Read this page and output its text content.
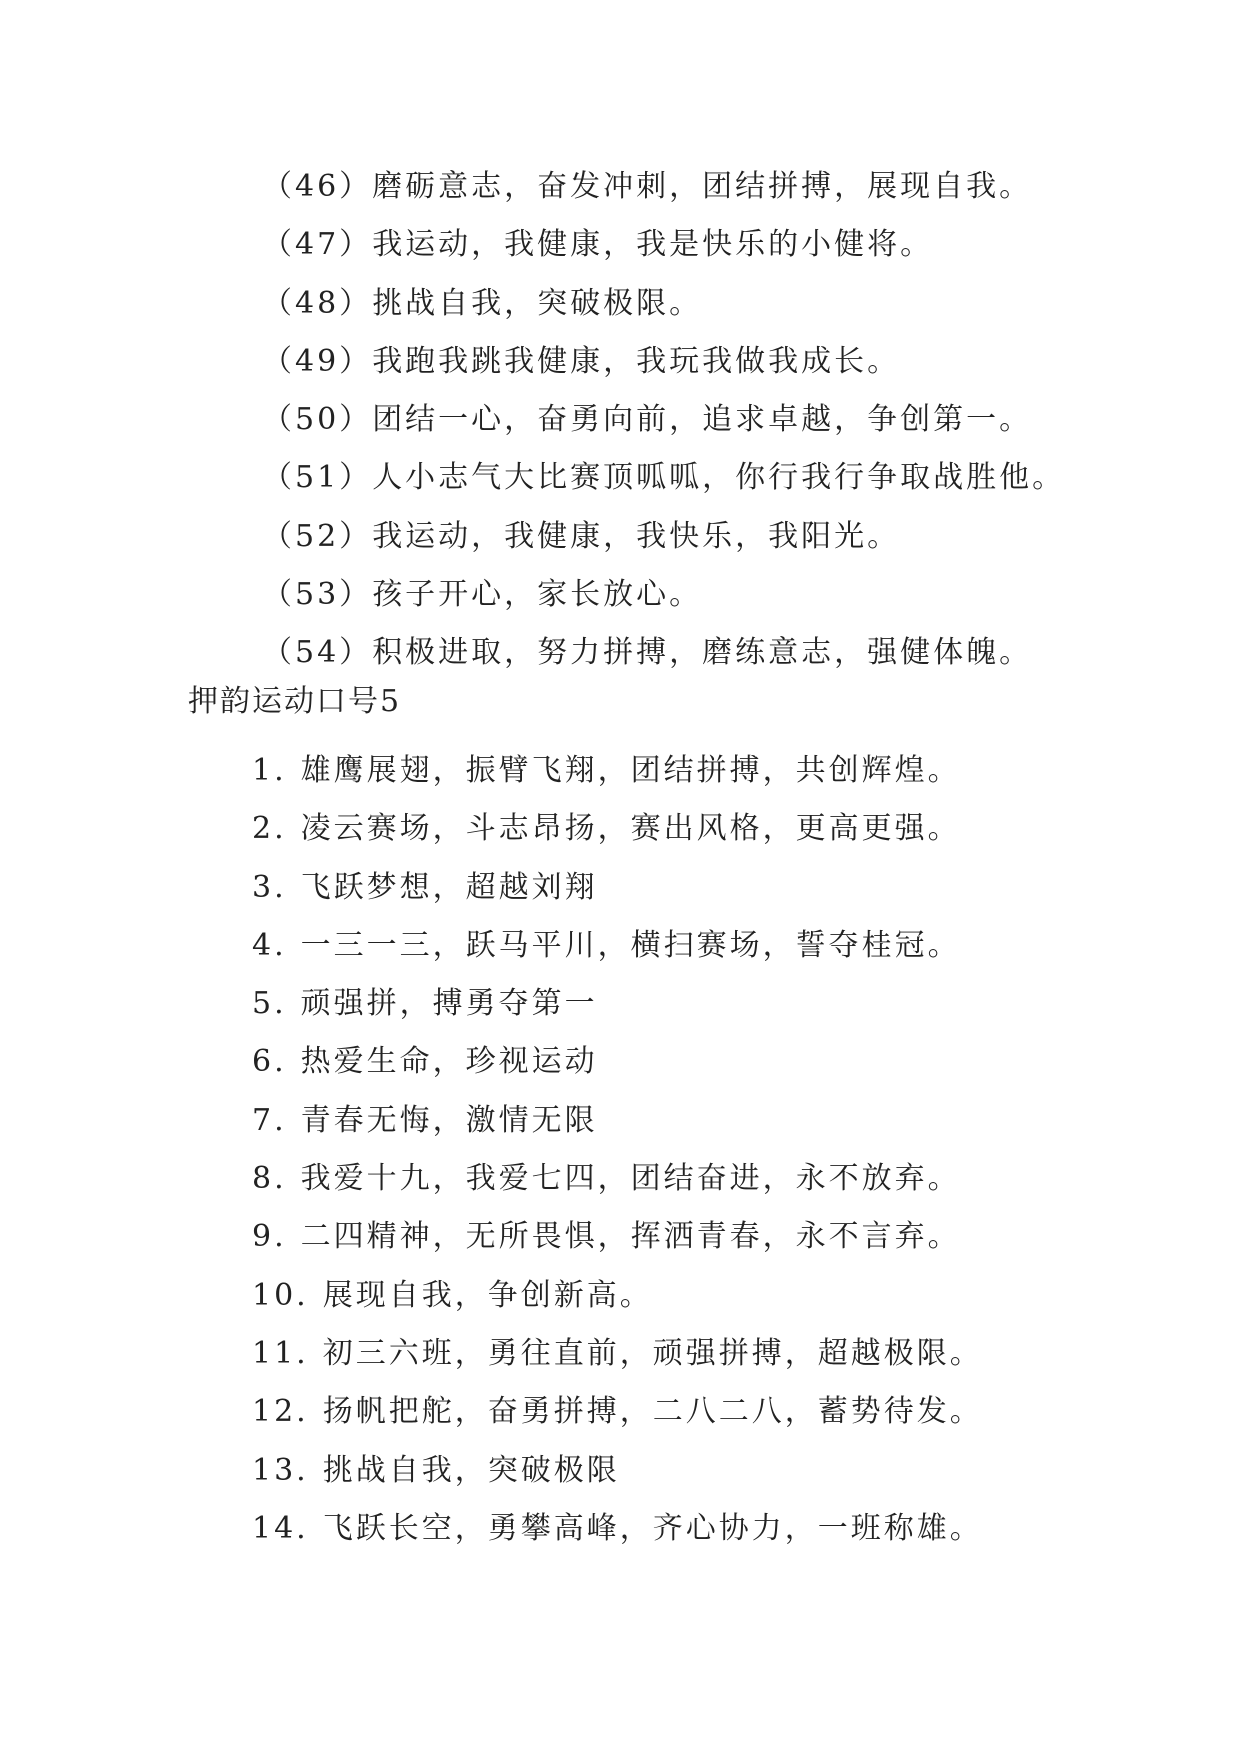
（46）磨砺意志，奋发冲刺，团结拼搏，展现自我。
（47）我运动，我健康，我是快乐的小健将。
（48）挑战自我，突破极限。
（49）我跑我跳我健康，我玩我做我成长。
（50）团结一心，奋勇向前，追求卓越，争创第一。
（51）人小志气大比赛顶呱呱，你行我行争取战胜他。
（52）我运动，我健康，我快乐，我阳光。
（53）孩子开心，家长放心。
（54）积极进取，努力拼搏，磨练意志，强健体魄。
押韵运动口号5
1. 雄鹰展翅，振臂飞翔，团结拼搏，共创辉煌。
2. 凌云赛场，斗志昂扬，赛出风格，更高更强。
3. 飞跃梦想，超越刘翔
4. 一三一三，跃马平川，横扫赛场，誓夺桂冠。
5. 顽强拼，搏勇夺第一
6. 热爱生命，珍视运动
7. 青春无悔，激情无限
8. 我爱十九，我爱七四，团结奋进，永不放弃。
9. 二四精神，无所畏惧，挥洒青春，永不言弃。
10. 展现自我，争创新高。
11. 初三六班，勇往直前，顽强拼搏，超越极限。
12. 扬帆把舵，奋勇拼搏，二八二八，蓄势待发。
13. 挑战自我，突破极限
14. 飞跃长空，勇攀高峰，齐心协力，一班称雄。
